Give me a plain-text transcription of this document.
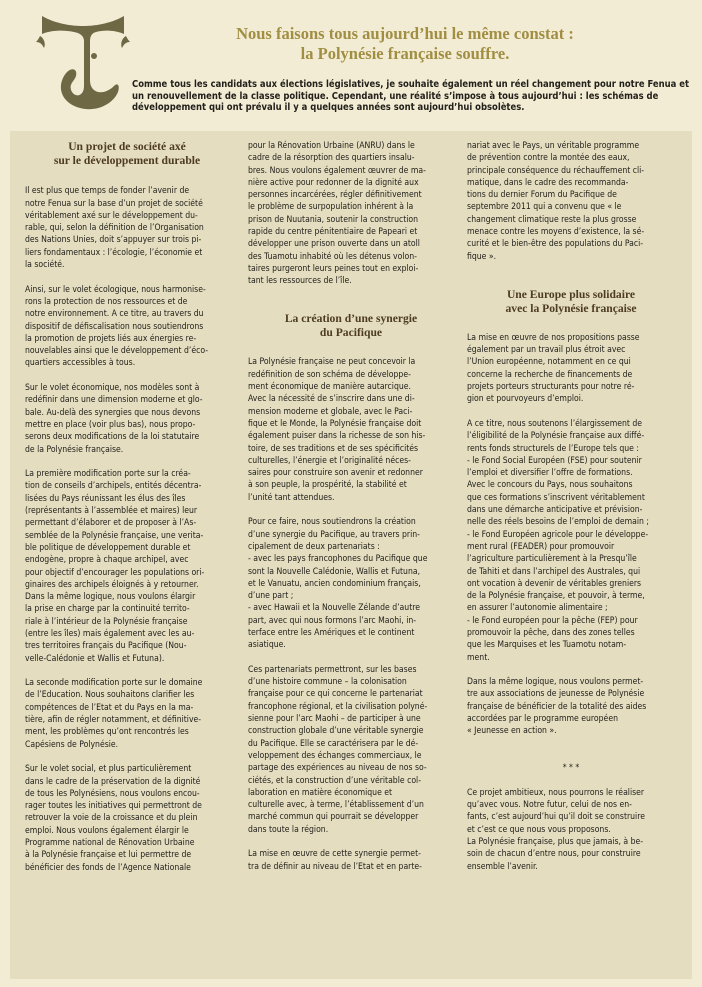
Nous faisons tous aujourd’hui le même constat :
la Polynésie française souffre.

Comme tous les candidats aux élections législatives, je souhaite également un réel changement pour notre Fenua et un renouvellement de la classe politique. Cependant, une réalité s’impose à tous aujourd’hui : les schémas de développement qui ont prévalu il y a quelques années sont aujourd’hui obsolètes.

Un projet de société axé
sur le développement durable

Il est plus que temps de fonder l’avenir de
notre Fenua sur la base d’un projet de société
véritablement axé sur le développement du-
rable, qui, selon la définition de l’Organisation
des Nations Unies, doit s’appuyer sur trois pi-
liers fondamentaux : l’écologie, l’économie et
la société.

Ainsi, sur le volet écologique, nous harmonise-
rons la protection de nos ressources et de
notre environnement. A ce titre, au travers du
dispositif de défiscalisation nous soutiendrons
la promotion de projets liés aux énergies re-
nouvelables ainsi que le développement d’éco-
quartiers accessibles à tous.

Sur le volet économique, nos modèles sont à
redéfinir dans une dimension moderne et glo-
bale. Au-delà des synergies que nous devons
mettre en place (voir plus bas), nous propo-
serons deux modifications de la loi statutaire
de la Polynésie française.

La première modification porte sur la créa-
tion de conseils d’archipels, entités décentra-
lisées du Pays réunissant les élus des îles
(représentants à l’assemblée et maires) leur
permettant d’élaborer et de proposer à l’As-
semblée de la Polynésie française, une verita-
ble politique de développement durable et
endogène, propre à chaque archipel, avec
pour objectif d’encourager les populations ori-
ginaires des archipels éloignés à y retourner.
Dans la même logique, nous voulons élargir
la prise en charge par la continuité territo-
riale à l’intérieur de la Polynésie française
(entre les îles) mais également avec les au-
tres territoires français du Pacifique (Nou-
velle-Calédonie et Wallis et Futuna).

La seconde modification porte sur le domaine
de l’Education. Nous souhaitons clarifier les
compétences de l’Etat et du Pays en la ma-
tière, afin de régler notamment, et définitive-
ment, les problèmes qu’ont rencontrés les
Capésiens de Polynésie.

Sur le volet social, et plus particulièrement
dans le cadre de la préservation de la dignité
de tous les Polynésiens, nous voulons encou-
rager toutes les initiatives qui permettront de
retrouver la voie de la croissance et du plein
emploi. Nous voulons également élargir le
Programme national de Rénovation Urbaine
à la Polynésie française et lui permettre de
bénéficier des fonds de l’Agence Nationale

pour la Rénovation Urbaine (ANRU) dans le
cadre de la résorption des quartiers insalu-
bres. Nous voulons également œuvrer de ma-
nière active pour redonner de la dignité aux
personnes incarcérées, régler définitivement
le problème de surpopulation inhérent à la
prison de Nuutania, soutenir la construction
rapide du centre pénitentiaire de Papeari et
développer une prison ouverte dans un atoll
des Tuamotu inhabité où les détenus volon-
taires purgeront leurs peines tout en exploi-
tant les ressources de l’île.

La création d’une synergie
du Pacifique

La Polynésie française ne peut concevoir la
redéfinition de son schéma de développe-
ment économique de manière autarcique.
Avec la nécessité de s’inscrire dans une di-
mension moderne et globale, avec le Paci-
fique et le Monde, la Polynésie française doit
également puiser dans la richesse de son his-
toire, de ses traditions et de ses spécificités
culturelles, l’énergie et l’originalité néces-
saires pour construire son avenir et redonner
à son peuple, la prospérité, la stabilité et
l’unité tant attendues.

Pour ce faire, nous soutiendrons la création
d’une synergie du Pacifique, au travers prin-
cipalement de deux partenariats :
- avec les pays francophones du Pacifique que
sont la Nouvelle Calédonie, Wallis et Futuna,
et le Vanuatu, ancien condominium français,
d’une part ;
- avec Hawaii et la Nouvelle Zélande d’autre
part, avec qui nous formons l’arc Maohi, in-
terface entre les Amériques et le continent
asiatique.

Ces partenariats permettront, sur les bases
d’une histoire commune – la colonisation
française pour ce qui concerne le partenariat
francophone régional, et la civilisation polyné-
sienne pour l’arc Maohi – de participer à une
construction globale d’une véritable synergie
du Pacifique. Elle se caractérisera par le dé-
veloppement des échanges commerciaux, le
partage des expériences au niveau de nos so-
ciétés, et la construction d’une véritable col-
laboration en matière économique et
culturelle avec, à terme, l’établissement d’un
marché commun qui pourrait se développer
dans toute la région.

La mise en œuvre de cette synergie permet-
tra de définir au niveau de l’Etat et en parte-

nariat avec le Pays, un véritable programme
de prévention contre la montée des eaux,
principale conséquence du réchauffement cli-
matique, dans le cadre des recommanda-
tions du dernier Forum du Pacifique de
septembre 2011 qui a convenu que « le
changement climatique reste la plus grosse
menace contre les moyens d’existence, la sé-
curité et le bien-être des populations du Paci-
fique ».

Une Europe plus solidaire
avec la Polynésie française

La mise en œuvre de nos propositions passe
également par un travail plus étroit avec
l’Union européenne, notamment en ce qui
concerne la recherche de financements de
projets porteurs structurants pour notre ré-
gion et pourvoyeurs d’emploi.

A ce titre, nous soutenons l’élargissement de
l’éligibilité de la Polynésie française aux diffé-
rents fonds structurels de l’Europe tels que :
- le Fond Social Européen (FSE) pour soutenir
l’emploi et diversifier l’offre de formations.
Avec le concours du Pays, nous souhaitons
que ces formations s’inscrivent véritablement
dans une démarche anticipative et prévision-
nelle des réels besoins de l’emploi de demain ;
- le Fond Européen agricole pour le développe-
ment rural (FEADER) pour promouvoir
l’agriculture particulièrement à la Presqu’île
de Tahiti et dans l’archipel des Australes, qui
ont vocation à devenir de véritables greniers
de la Polynésie française, et pouvoir, à terme,
en assurer l’autonomie alimentaire ;
- le Fond européen pour la pêche (FEP) pour
promouvoir la pêche, dans des zones telles
que les Marquises et les Tuamotu notam-
ment.

Dans la même logique, nous voulons permet-
tre aux associations de jeunesse de Polynésie
française de bénéficier de la totalité des aides
accordées par le programme européen
« Jeunesse en action ».

* * *

Ce projet ambitieux, nous pourrons le réaliser
qu’avec vous. Notre futur, celui de nos en-
fants, c’est aujourd’hui qu’il doit se construire
et c’est ce que nous vous proposons.

La Polynésie française, plus que jamais, à be-
soin de chacun d’entre nous, pour construire
ensemble l’avenir.
